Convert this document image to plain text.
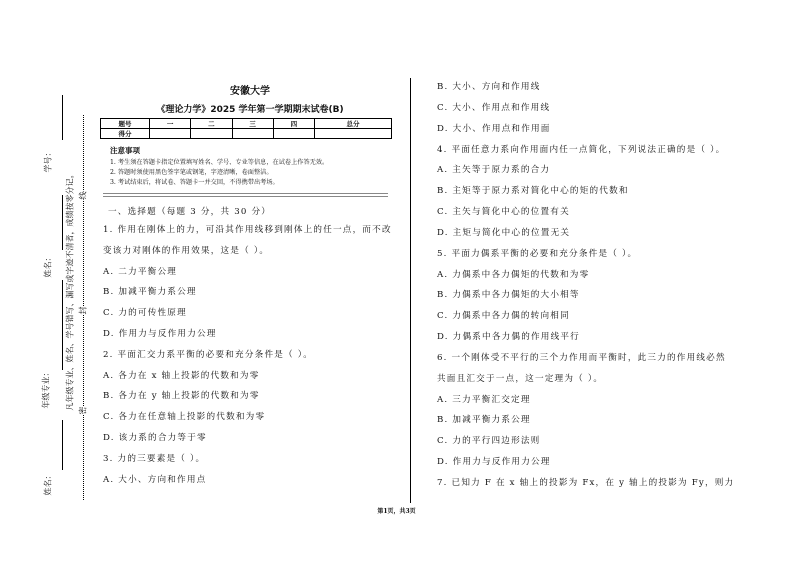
学号：
姓名：
年级专业：
姓名：
凡年级专业、姓名、学号错写、漏写或字迹不清者，成绩按零分记。 线
封
密
安徽大学
《理论力学》2025 学年第一学期期末试卷(B)
题号	一	二	三	四	总分
得分					
注意事项
1. 考生须在答题卡指定位置填写姓名、学号、专业等信息，在试卷上作答无效。
2. 答题时须使用黑色签字笔或钢笔，字迹清晰，卷面整洁。
3. 考试结束后，将试卷、答题卡一并交回，不得携带出考场。
一、选择题（每题 3 分，共 30 分）
1. 作用在刚体上的力，可沿其作用线移到刚体上的任一点，而不改
变该力对刚体的作用效果，这是（ ）。
A. 二力平衡公理
B. 加减平衡力系公理
C. 力的可传性原理
D. 作用力与反作用力公理
2. 平面汇交力系平衡的必要和充分条件是（ ）。
A. 各力在 x 轴上投影的代数和为零
B. 各力在 y 轴上投影的代数和为零
C. 各力在任意轴上投影的代数和为零
D. 该力系的合力等于零
3. 力的三要素是（ ）。
A. 大小、方向和作用点
B. 大小、方向和作用线
C. 大小、作用点和作用线
D. 大小、作用点和作用面
4. 平面任意力系向作用面内任一点简化，下列说法正确的是（ ）。
A. 主矢等于原力系的合力
B. 主矩等于原力系对简化中心的矩的代数和
C. 主矢与简化中心的位置有关
D. 主矩与简化中心的位置无关
5. 平面力偶系平衡的必要和充分条件是（ ）。
A. 力偶系中各力偶矩的代数和为零
B. 力偶系中各力偶矩的大小相等
C. 力偶系中各力偶的转向相同
D. 力偶系中各力偶的作用线平行
6. 一个刚体受不平行的三个力作用而平衡时，此三力的作用线必然
共面且汇交于一点，这一定理为（ ）。
A. 三力平衡汇交定理
B. 加减平衡力系公理
C. 力的平行四边形法则
D. 作用力与反作用力公理
7. 已知力 F 在 x 轴上的投影为 Fx，在 y 轴上的投影为 Fy，则力
第1页，共3页
